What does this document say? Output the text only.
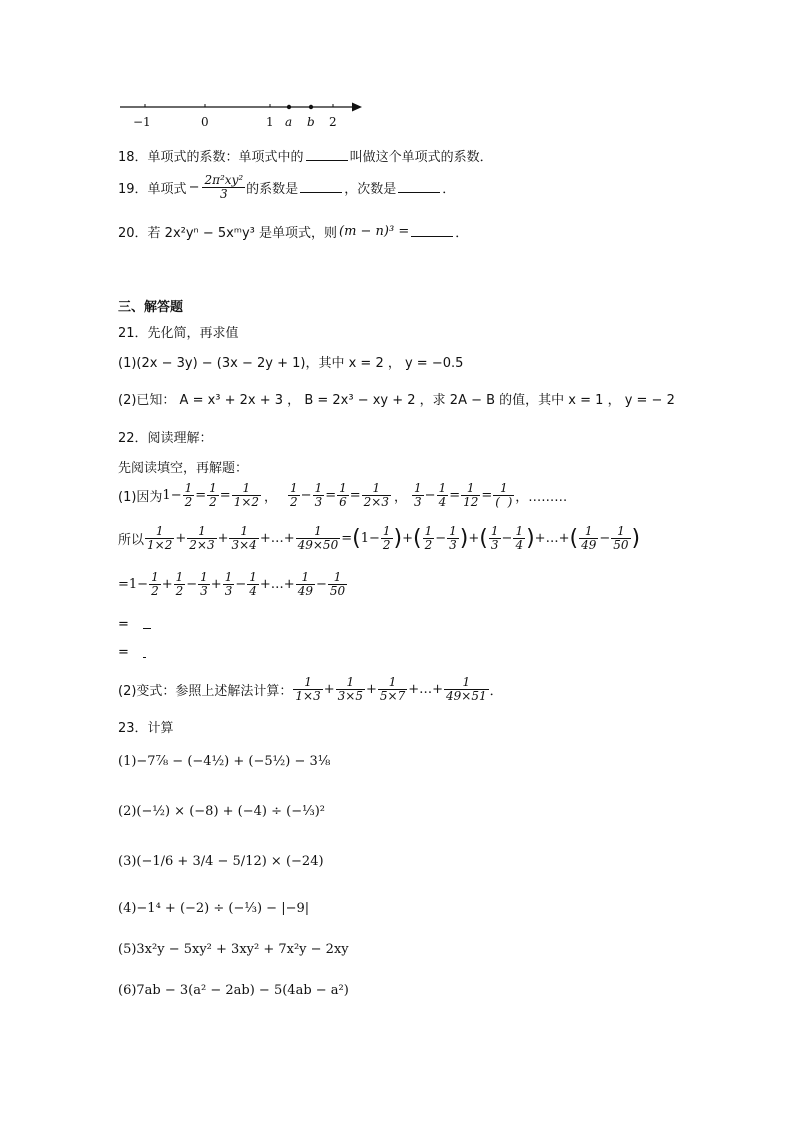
−1	0	1 a b 2
18． 单项式的系数：单项式中的	叫做这个单项式的系数．
19． 单项式 − $\frac{\text{2π²xy²}}{3}$ 的系数是	，次数是	．
20． 若 2x²yⁿ − 5xᵐy³ 是单项式，则 (m − n)³ =	．
三、解答题
21．先化简，再求值
(1)(2x − 3y) − (3x − 2y + 1)，其中 x = 2 ， y = −0.5
(2)已知： A = x³ + 2x + 3 ， B = 2x³ − xy + 2 ，求 2A − B 的值，其中 x = 1 ， y = − 2
22．阅读理解：
先阅读填空，再解题：
(1)因为 $1- \frac{1}{2} = \frac{1}{2} = \frac{1}{1\times 2}$ ， $\frac{1}{2} - \frac{1}{3} = \frac{1}{6} = \frac{1}{2\times 3}$ ， $\frac{1}{3} - \frac{1}{4} = \frac{1}{12} = \frac{1}{( )}$ ，………
所以 $\frac{1}{1\times 2} + \frac{1}{2\times 3} + \frac{1}{3\times 4}$ +…+ $\frac{1}{49\times 50}$ = ( $1- \frac{1}{2}$ ) + ( $\frac{1}{2} - \frac{1}{3}$ ) + ( $\frac{1}{3} - \frac{1}{4}$ ) +…+ ( $\frac{1}{49} - \frac{1}{50}$ )
$=1- \frac{1}{2} + \frac{1}{2} - \frac{1}{3} + \frac{1}{3} - \frac{1}{4}$ +…+ $\frac{1}{49} - \frac{1}{50}$
=
=
(2)变式：参照上述解法计算： $\frac{1}{1\times 3} + \frac{1}{3\times 5} + \frac{1}{5\times 7}$ +…+ $\frac{1}{49\times 51}$ ．
23．计算
(1)−7⅞ − (−4½) + (−5½) − 3⅛
(2)(−½) × (−8) + (−4) ÷ (−⅓)²
(3)(−1/6 + 3/4 − 5/12) × (−24)
(4)−1⁴ + (−2) ÷ (−⅓) − |−9|
(5)3x²y − 5xy² + 3xy² + 7x²y − 2xy
(6)7ab − 3(a² − 2ab) − 5(4ab − a²)
